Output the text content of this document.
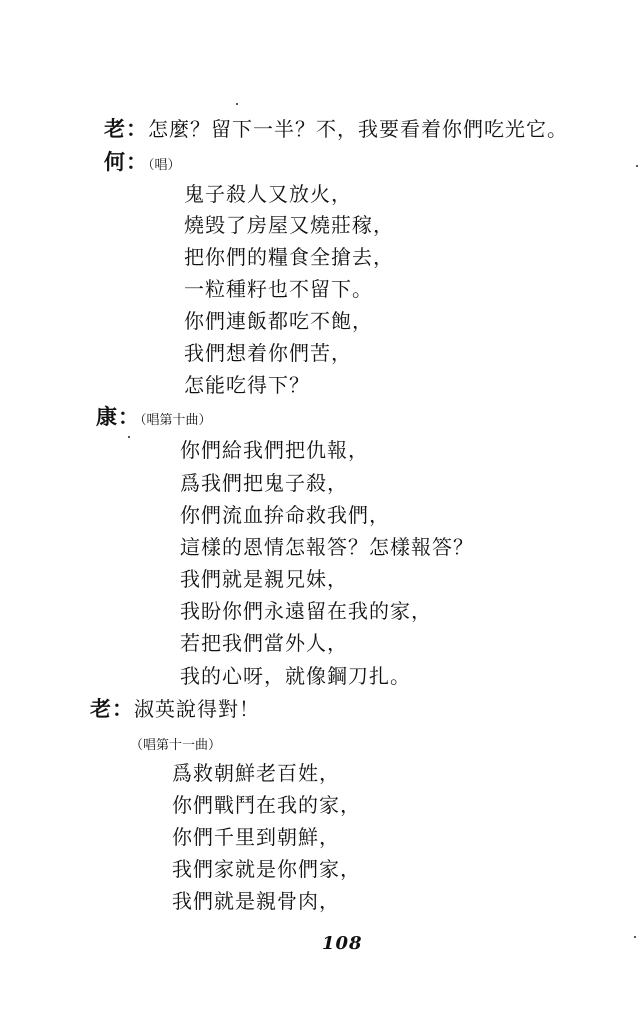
老：怎麼？留下一半？不，我要看着你們吃光它。
何：（唱）
鬼子殺人又放火，
燒毁了房屋又燒莊稼，
把你們的糧食全搶去，
一粒種籽也不留下。
你們連飯都吃不飽，
我們想着你們苦，
怎能吃得下？
康：（唱第十曲）
你們給我們把仇報，
爲我們把鬼子殺，
你們流血拚命救我們，
這樣的恩情怎報答？怎樣報答？
我們就是親兄妹，
我盼你們永遠留在我的家，
若把我們當外人，
我的心呀，就像鋼刀扎。
老：淑英說得對！
（唱第十一曲）
爲救朝鮮老百姓，
你們戰鬥在我的家，
你們千里到朝鮮，
我們家就是你們家，
我們就是親骨肉，
108
